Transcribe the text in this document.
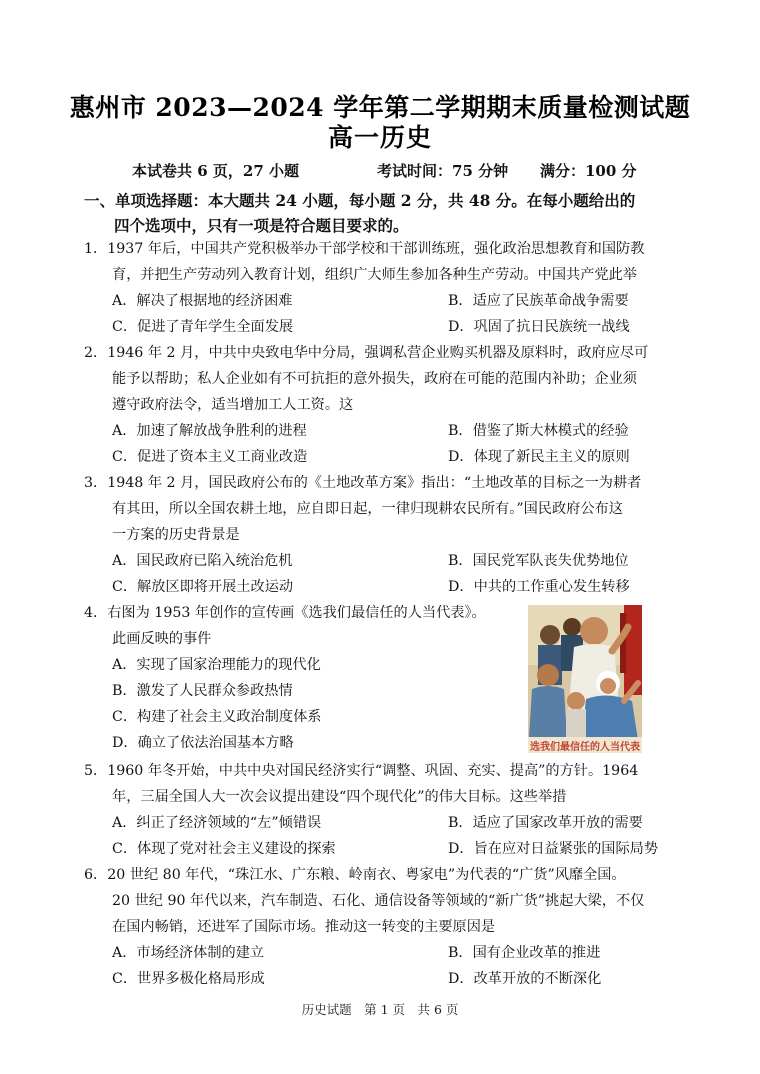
惠州市 2023—2024 学年第二学期期末质量检测试题
高一历史
本试卷共 6 页，27 小题	考试时间：75 分钟 满分：100 分
一、单项选择题：本大题共 24 小题，每小题 2 分，共 48 分。在每小题给出的
四个选项中，只有一项是符合题目要求的。
1．1937 年后，中国共产党积极举办干部学校和干部训练班，强化政治思想教育和国防教
育，并把生产劳动列入教育计划，组织广大师生参加各种生产劳动。中国共产党此举
A．解决了根据地的经济困难	B．适应了民族革命战争需要
C．促进了青年学生全面发展	D．巩固了抗日民族统一战线
2．1946 年 2 月，中共中央致电华中分局，强调私营企业购买机器及原料时，政府应尽可
能予以帮助；私人企业如有不可抗拒的意外损失，政府在可能的范围内补助；企业须
遵守政府法令，适当增加工人工资。这
A．加速了解放战争胜利的进程	B．借鉴了斯大林模式的经验
C．促进了资本主义工商业改造	D．体现了新民主主义的原则
3．1948 年 2 月，国民政府公布的《土地改革方案》指出：“土地改革的目标之一为耕者
有其田，所以全国农耕土地，应自即日起，一律归现耕农民所有。”国民政府公布这
一方案的历史背景是
A．国民政府已陷入统治危机	B．国民党军队丧失优势地位
C．解放区即将开展土改运动	D．中共的工作重心发生转移
4．右图为 1953 年创作的宣传画《选我们最信任的人当代表》。
此画反映的事件
A．实现了国家治理能力的现代化
B．激发了人民群众参政热情
C．构建了社会主义政治制度体系
D．确立了依法治国基本方略	选我们最信任的人当代表
5．1960 年冬开始，中共中央对国民经济实行“调整、巩固、充实、提高”的方针。1964
年，三届全国人大一次会议提出建设“四个现代化”的伟大目标。这些举措
A．纠正了经济领域的“左”倾错误	B．适应了国家改革开放的需要
C．体现了党对社会主义建设的探索	D．旨在应对日益紧张的国际局势
6．20 世纪 80 年代，“珠江水、广东粮、岭南衣、粤家电”为代表的“广货”风靡全国。
20 世纪 90 年代以来，汽车制造、石化、通信设备等领域的“新广货”挑起大梁，不仅
在国内畅销，还进军了国际市场。推动这一转变的主要原因是
A．市场经济体制的建立	B．国有企业改革的推进
C．世界多极化格局形成	D．改革开放的不断深化
历史试题　第 1 页　共 6 页
